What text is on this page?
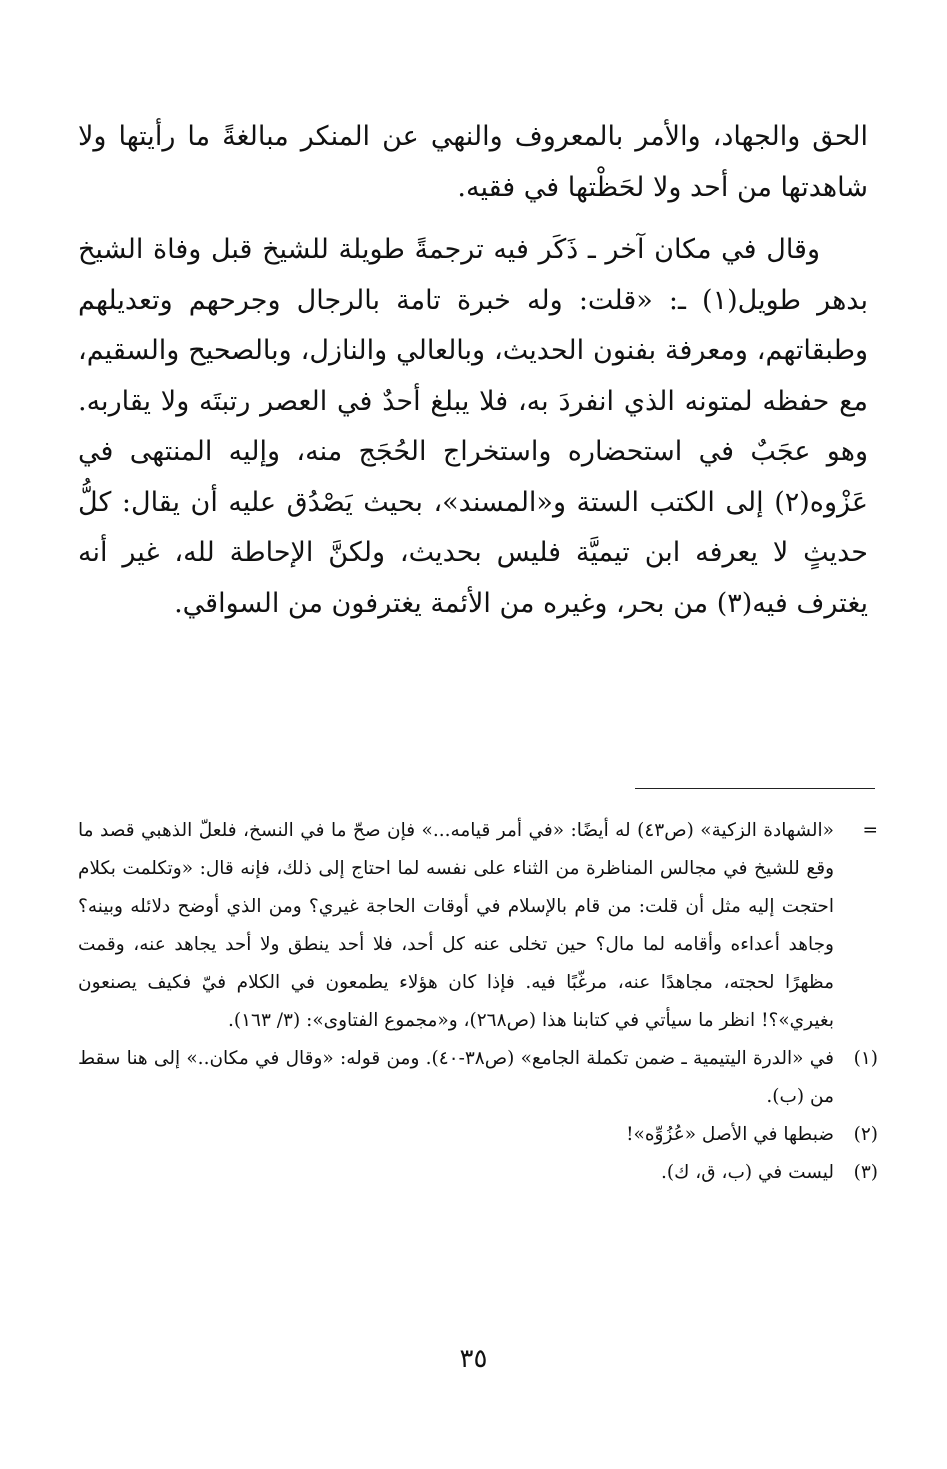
الحق والجهاد، والأمر بالمعروف والنهي عن المنكر مبالغةً ما رأيتها ولا شاهدتها من أحد ولا لحَظْتها في فقيه.

وقال في مكان آخر ـ ذَكَر فيه ترجمةً طويلة للشيخ قبل وفاة الشيخ بدهر طويل(١) ـ: «قلت: وله خبرة تامة بالرجال وجرحهم وتعديلهم وطبقاتهم، ومعرفة بفنون الحديث، وبالعالي والنازل، وبالصحيح والسقيم، مع حفظه لمتونه الذي انفردَ به، فلا يبلغ أحدٌ في العصر رتبتَه ولا يقاربه. وهو عجَبٌ في استحضاره واستخراج الحُجَج منه، وإليه المنتهى في عَزْوه(٢) إلى الكتب الستة و«المسند»، بحيث يَصْدُق عليه أن يقال: كلُّ حديثٍ لا يعرفه ابن تيميَّة فليس بحديث، ولكنَّ الإحاطة لله، غير أنه يغترف فيه(٣) من بحر، وغيره من الأئمة يغترفون من السواقي.

=
«الشهادة الزكية» (ص٤٣) له أيضًا: «في أمر قيامه...» فإن صحّ ما في النسخ، فلعلّ الذهبي قصد ما وقع للشيخ في مجالس المناظرة من الثناء على نفسه لما احتاج إلى ذلك، فإنه قال: «وتكلمت بكلام احتجت إليه مثل أن قلت: من قام بالإسلام في أوقات الحاجة غيري؟ ومن الذي أوضح دلائله وبينه؟ وجاهد أعداءه وأقامه لما مال؟ حين تخلى عنه كل أحد، فلا أحد ينطق ولا أحد يجاهد عنه، وقمت مظهرًا لحجته، مجاهدًا عنه، مرغّبًا فيه. فإذا كان هؤلاء يطمعون في الكلام فيّ فكيف يصنعون بغيري»؟! انظر ما سيأتي في كتابنا هذا (ص٢٦٨)، و«مجموع الفتاوى»: (٣/ ١٦٣).

(١)
في «الدرة اليتيمية ـ ضمن تكملة الجامع» (ص٣٨-٤٠). ومن قوله: «وقال في مكان..» إلى هنا سقط من (ب).

(٢)
ضبطها في الأصل «عُزُوِّه»!

(٣)
ليست في (ب، ق، ك).

٣٥
